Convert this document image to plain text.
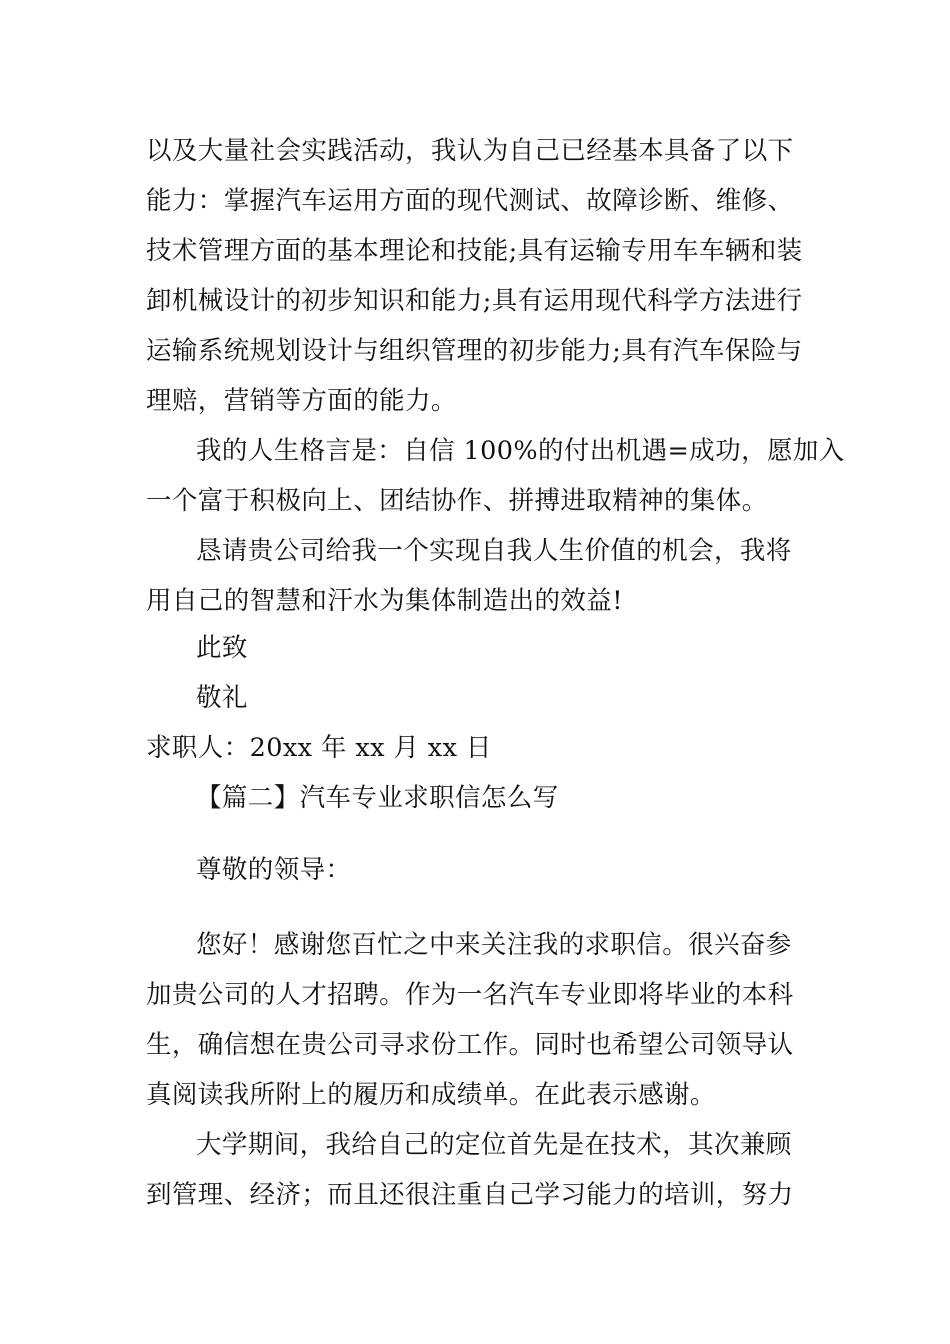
以及大量社会实践活动，我认为自己已经基本具备了以下
能力：掌握汽车运用方面的现代测试、故障诊断、维修、
技术管理方面的基本理论和技能;具有运输专用车车辆和装
卸机械设计的初步知识和能力;具有运用现代科学方法进行
运输系统规划设计与组织管理的初步能力;具有汽车保险与
理赔，营销等方面的能力。
我的人生格言是：自信 100%的付出机遇=成功，愿加入
一个富于积极向上、团结协作、拼搏进取精神的集体。
恳请贵公司给我一个实现自我人生价值的机会，我将
用自己的智慧和汗水为集体制造出的效益!
此致
敬礼
求职人：20xx 年 xx 月 xx 日
【篇二】汽车专业求职信怎么写
尊敬的领导：
您好！感谢您百忙之中来关注我的求职信。很兴奋参
加贵公司的人才招聘。作为一名汽车专业即将毕业的本科
生，确信想在贵公司寻求份工作。同时也希望公司领导认
真阅读我所附上的履历和成绩单。在此表示感谢。
大学期间，我给自己的定位首先是在技术，其次兼顾
到管理、经济；而且还很注重自己学习能力的培训，努力
